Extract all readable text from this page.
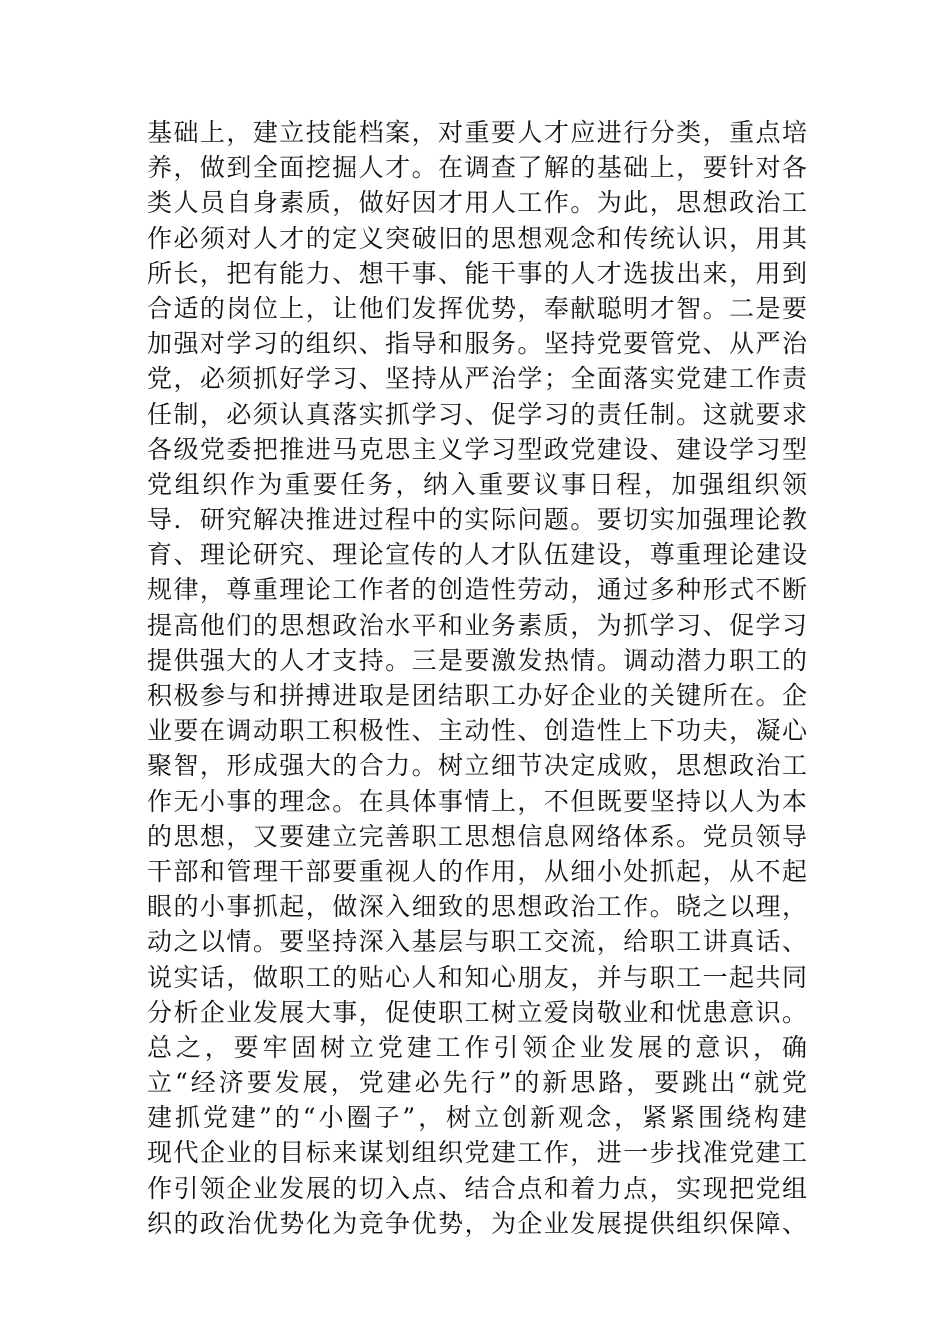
基础上，建立技能档案，对重要人才应进行分类，重点培
养，做到全面挖掘人才。在调查了解的基础上，要针对各
类人员自身素质，做好因才用人工作。为此，思想政治工
作必须对人才的定义突破旧的思想观念和传统认识，用其
所长，把有能力、想干事、能干事的人才选拔出来，用到
合适的岗位上，让他们发挥优势，奉献聪明才智。二是要
加强对学习的组织、指导和服务。坚持党要管党、从严治
党，必须抓好学习、坚持从严治学；全面落实党建工作责
任制，必须认真落实抓学习、促学习的责任制。这就要求
各级党委把推进马克思主义学习型政党建设、建设学习型
党组织作为重要任务，纳入重要议事日程，加强组织领
导．研究解决推进过程中的实际问题。要切实加强理论教
育、理论研究、理论宣传的人才队伍建设，尊重理论建设
规律，尊重理论工作者的创造性劳动，通过多种形式不断
提高他们的思想政治水平和业务素质，为抓学习、促学习
提供强大的人才支持。三是要激发热情。调动潜力职工的
积极参与和拼搏进取是团结职工办好企业的关键所在。企
业要在调动职工积极性、主动性、创造性上下功夫，凝心
聚智，形成强大的合力。树立细节决定成败，思想政治工
作无小事的理念。在具体事情上，不但既要坚持以人为本
的思想，又要建立完善职工思想信息网络体系。党员领导
干部和管理干部要重视人的作用，从细小处抓起，从不起
眼的小事抓起，做深入细致的思想政治工作。晓之以理，
动之以情。要坚持深入基层与职工交流，给职工讲真话、
说实话，做职工的贴心人和知心朋友，并与职工一起共同
分析企业发展大事，促使职工树立爱岗敬业和忧患意识。
总之，要牢固树立党建工作引领企业发展的意识，确
立“经济要发展，党建必先行”的新思路，要跳出“就党
建抓党建”的“小圈子”，树立创新观念，紧紧围绕构建
现代企业的目标来谋划组织党建工作，进一步找准党建工
作引领企业发展的切入点、结合点和着力点，实现把党组
织的政治优势化为竞争优势，为企业发展提供组织保障、
